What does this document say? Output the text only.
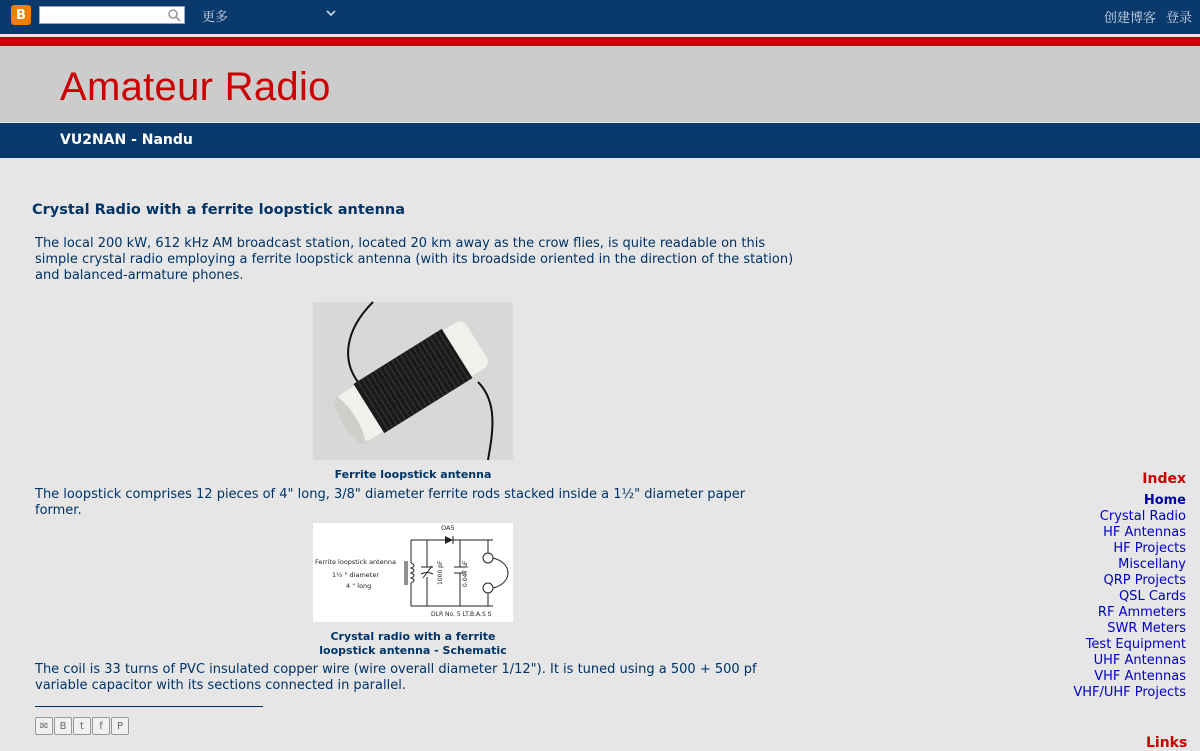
B	更多	创建博客 登录
Amateur Radio
VU2NAN - Nandu
Crystal Radio with a ferrite loopstick antenna
The local 200 kW, 612 kHz AM broadcast station, located 20 km away as the crow flies, is quite readable on this simple crystal radio employing a ferrite loopstick antenna (with its broadside oriented in the direction of the station) and balanced-armature phones.
Ferrite loopstick antenna
The loopstick comprises 12 pieces of 4" long, 3/8" diameter ferrite rods stacked inside a 1½" diameter paper former.
Ferrite loopstick antenna
1½ " diameter
4 " long
OA5
DLR No. 5 LT.B.A.S S
1000 pF	0.047 µF
Crystal radio with a ferrite
loopstick antenna - Schematic
The coil is 33 turns of PVC insulated copper wire (wire overall diameter 1/12"). It is tuned using a 500 + 500 pf variable capacitor with its sections connected in parallel.
✉	B	t	f	P
Index
Home
Crystal Radio
HF Antennas
HF Projects
Miscellany
QRP Projects
QSL Cards
RF Ammeters
SWR Meters
Test Equipment
UHF Antennas
VHF Antennas
VHF/UHF Projects
Links
